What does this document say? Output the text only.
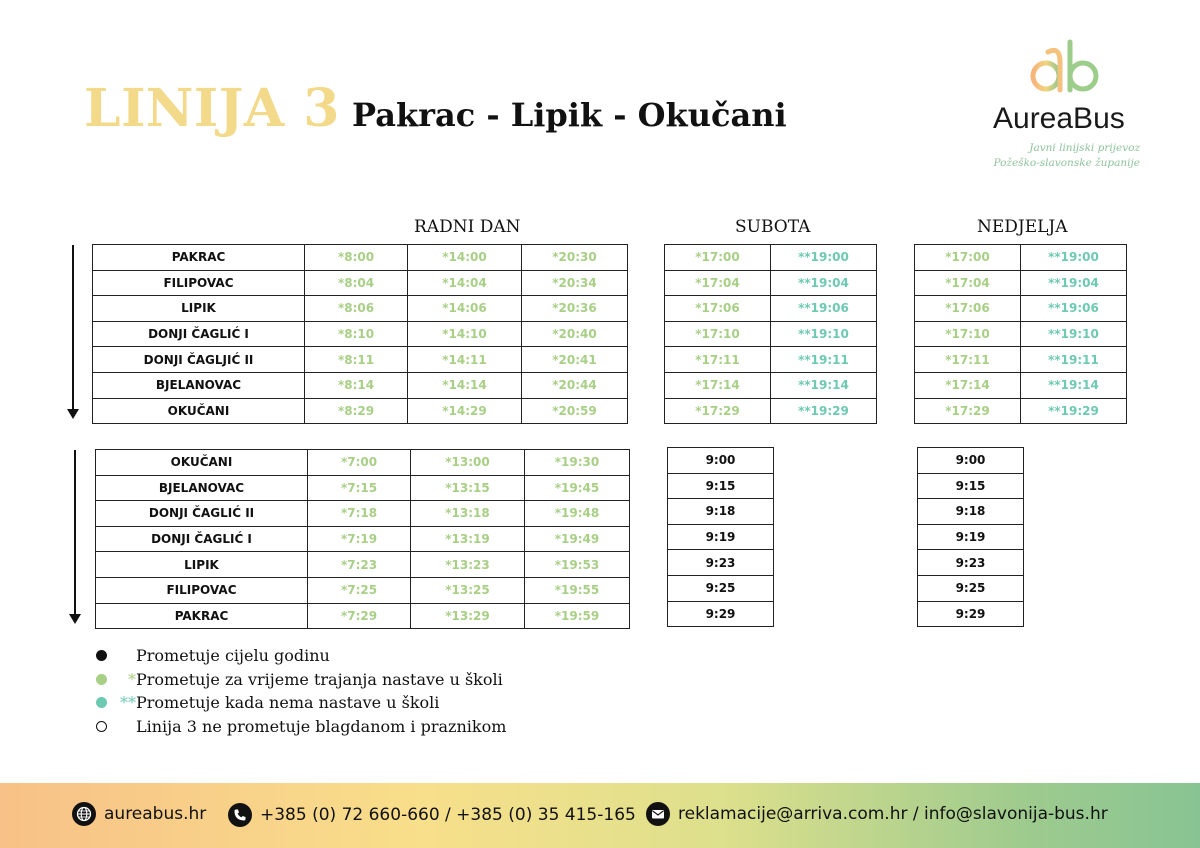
LINIJA 3 Pakrac - Lipik - Okučani	AureaBus
Javni linijski prijevoz
Požeško-slavonske županije
RADNI DAN	SUBOTA	NEDJELJA
PAKRAC	*8:00	*14:00	*20:30
FILIPOVAC	*8:04	*14:04	*20:34
LIPIK	*8:06	*14:06	*20:36
DONJI ČAGLIĆ I	*8:10	*14:10	*20:40
DONJI ČAGLJIĆ II	*8:11	*14:11	*20:41
BJELANOVAC	*8:14	*14:14	*20:44
OKUČANI	*8:29	*14:29	*20:59
*17:00	**19:00
*17:04	**19:04
*17:06	**19:06
*17:10	**19:10
*17:11	**19:11
*17:14	**19:14
*17:29	**19:29
*17:00	**19:00
*17:04	**19:04
*17:06	**19:06
*17:10	**19:10
*17:11	**19:11
*17:14	**19:14
*17:29	**19:29
OKUČANI	*7:00	*13:00	*19:30
BJELANOVAC	*7:15	*13:15	*19:45
DONJI ČAGLIĆ II	*7:18	*13:18	*19:48
DONJI ČAGLIĆ I	*7:19	*13:19	*19:49
LIPIK	*7:23	*13:23	*19:53
FILIPOVAC	*7:25	*13:25	*19:55
PAKRAC	*7:29	*13:29	*19:59
9:00
9:15
9:18
9:19
9:23
9:25
9:29
9:00
9:15
9:18
9:19
9:23
9:25
9:29
Prometuje cijelu godinu
* Prometuje za vrijeme trajanja nastave u školi
** Prometuje kada nema nastave u školi
Linija 3 ne prometuje blagdanom i praznikom
aureabus.hr	+385 (0) 72 660-660 / +385 (0) 35 415-165 reklamacije@arriva.com.hr / info@slavonija-bus.hr
